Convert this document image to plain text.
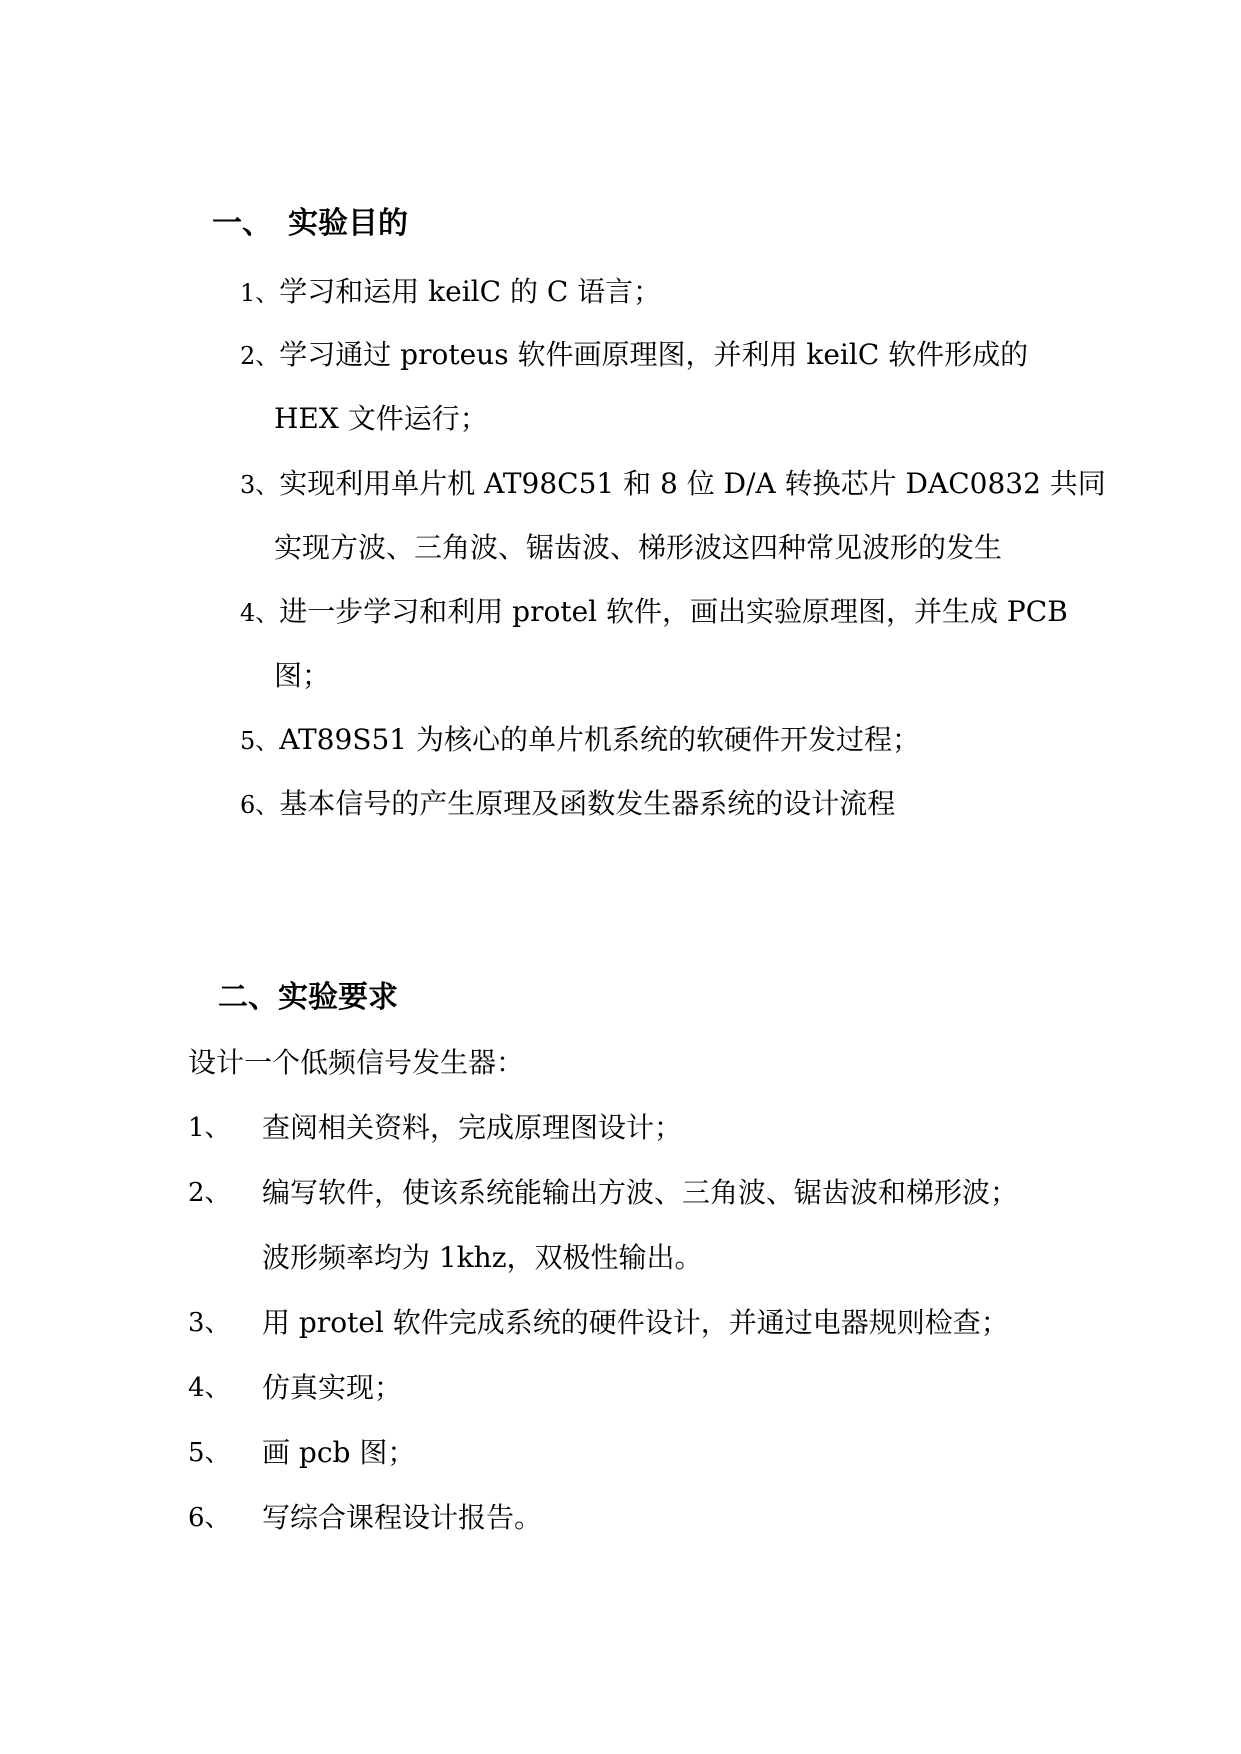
一、 实验目的
1、学习和运用 keilC 的 C 语言；
2、学习通过 proteus 软件画原理图，并利用 keilC 软件形成的
HEX 文件运行；
3、实现利用单片机 AT98C51 和 8 位 D/A 转换芯片 DAC0832 共同
实现方波、三角波、锯齿波、梯形波这四种常见波形的发生
4、进一步学习和利用 protel 软件，画出实验原理图，并生成 PCB
图；
5、AT89S51 为核心的单片机系统的软硬件开发过程；
6、基本信号的产生原理及函数发生器系统的设计流程
二、实验要求
设计一个低频信号发生器：
1、 查阅相关资料，完成原理图设计；
2、 编写软件，使该系统能输出方波、三角波、锯齿波和梯形波；
波形频率均为 1khz，双极性输出。
3、 用 protel 软件完成系统的硬件设计，并通过电器规则检查；
4、 仿真实现；
5、 画 pcb 图；
6、 写综合课程设计报告。
